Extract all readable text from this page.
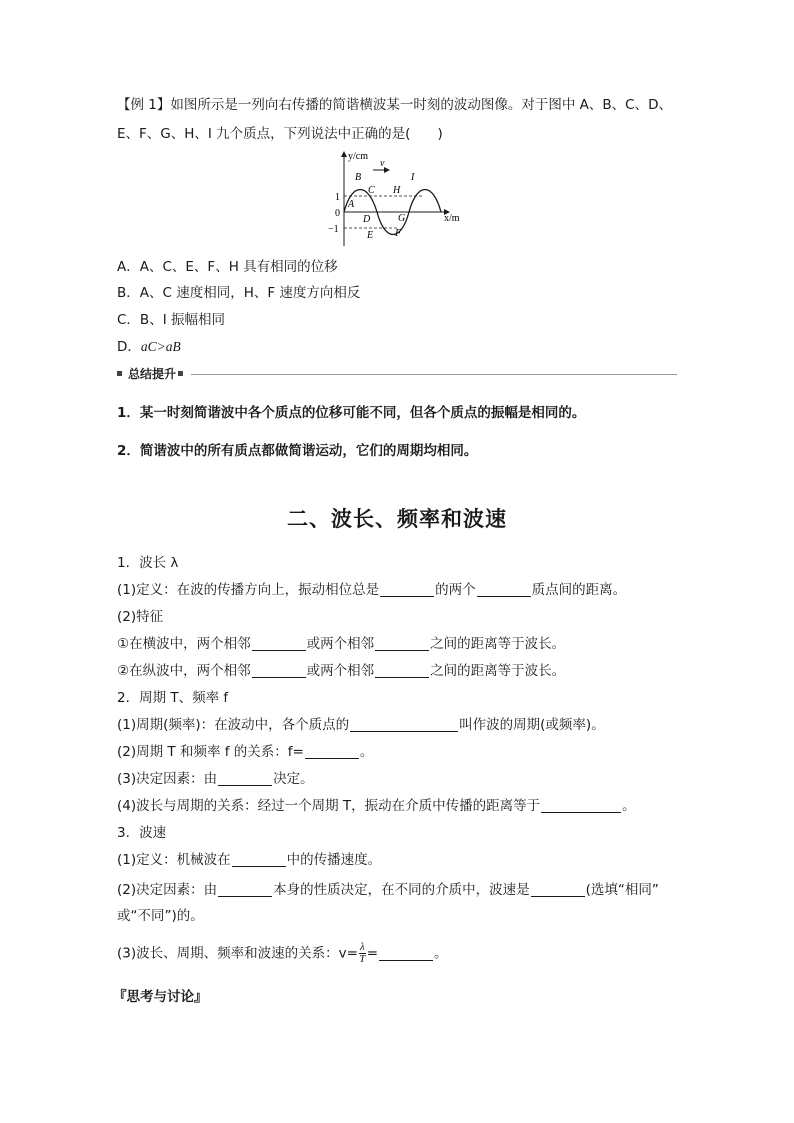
【例 1】如图所示是一列向右传播的简谐横波某一时刻的波动图像。对于图中 A、B、C、D、
E、F、G、H、I 九个质点，下列说法中正确的是(　　)
v
y/cm
x/m
1
0
−1
A
B
C
D
E F
G
H
I
A．A、C、E、F、H 具有相同的位移
B．A、C 速度相同，H、F 速度方向相反
C．B、I 振幅相同
D．aC>aB
总结提升
1．某一时刻简谐波中各个质点的位移可能不同，但各个质点的振幅是相同的。
2．简谐波中的所有质点都做简谐运动，它们的周期均相同。
二、波长、频率和波速
1．波长 λ
(1)定义：在波的传播方向上，振动相位总是	的两个	质点间的距离。
(2)特征
①在横波中，两个相邻	或两个相邻	之间的距离等于波长。
②在纵波中，两个相邻	或两个相邻	之间的距离等于波长。
2．周期 T、频率 f
(1)周期(频率)：在波动中，各个质点的	叫作波的周期(或频率)。
(2)周期 T 和频率 f 的关系：f=	。
(3)决定因素：由	决定。
(4)波长与周期的关系：经过一个周期 T，振动在介质中传播的距离等于	。
3．波速
(1)定义：机械波在	中的传播速度。
(2)决定因素：由	本身的性质决定，在不同的介质中，波速是	(选填“相同”
或“不同”)的。
(3)波长、周期、频率和波速的关系：$v= \frac{\lambda}{T}$ =	。
『思考与讨论』
